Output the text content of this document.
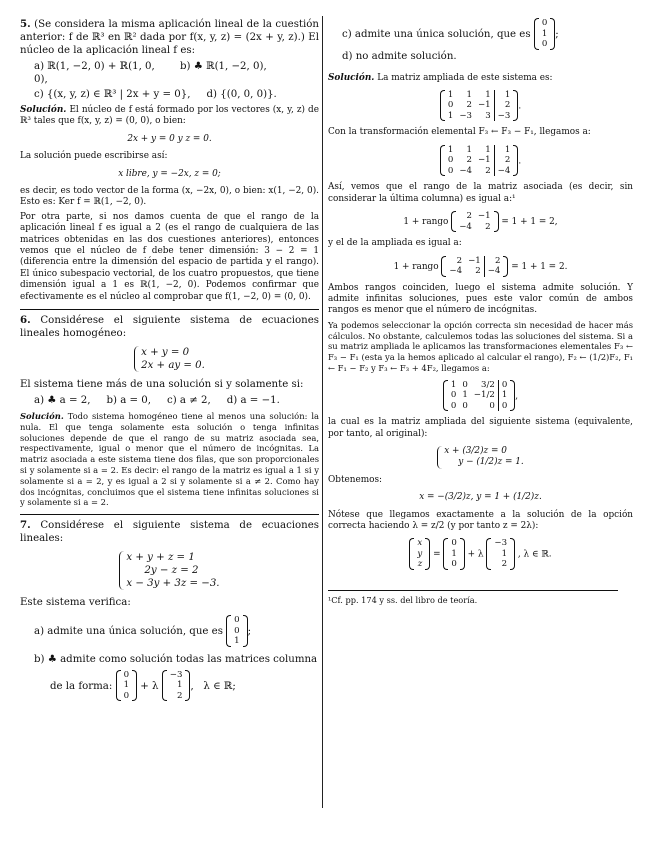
5. (Se considera la misma aplicación lineal de la cuestión anterior: f de ℝ³ en ℝ² dada por f(x, y, z) = (2x + y, z).) El núcleo de la aplicación lineal f es:

a) ℝ(1, −2, 0) + ℝ(1, 0, 0),
b) ♣ ℝ(1, −2, 0),
c) {(x, y, z) ∈ ℝ³ | 2x + y = 0}, d) {(0, 0, 0)}.

Solución. El núcleo de f está formado por los vectores (x, y, z) de ℝ³ tales que f(x, y, z) = (0, 0), o bien:

2x + y = 0 y z = 0.

La solución puede escribirse así:

x libre, y = −2x, z = 0;

es decir, es todo vector de la forma (x, −2x, 0), o bien: x(1, −2, 0). Esto es: Ker f = ℝ(1, −2, 0).

Por otra parte, si nos damos cuenta de que el rango de la aplicación lineal f es igual a 2 (es el rango de cualquiera de las matrices obtenidas en las dos cuestiones anteriores), entonces vemos que el núcleo de f debe tener dimensión: 3 − 2 = 1 (diferencia entre la dimensión del espacio de partida y el rango). El único subespacio vectorial, de los cuatro propuestos, que tiene dimensión igual a 1 es ℝ(1, −2, 0). Podemos confirmar que efectivamente es el núcleo al comprobar que f(1, −2, 0) = (0, 0).

6. Considérese el siguiente sistema de ecuaciones lineales homogéneo:

x + y = 0
2x + ay = 0.

El sistema tiene más de una solución si y solamente si:

a) ♣ a = 2, b) a = 0, c) a ≠ 2, d) a = −1.

Solución. Todo sistema homogéneo tiene al menos una solución: la nula. El que tenga solamente esta solución o tenga infinitas soluciones depende de que el rango de su matriz asociada sea, respectivamente, igual o menor que el número de incógnitas. La matriz asociada a este sistema tiene dos filas, que son proporcionales si y solamente si a = 2. Es decir: el rango de la matriz es igual a 1 si y solamente si a = 2, y es igual a 2 si y solamente si a ≠ 2. Como hay dos incógnitas, concluimos que el sistema tiene infinitas soluciones si y solamente si a = 2.

7. Considérese el siguiente sistema de ecuaciones lineales:

x + y + z = 1
2y − z = 2
x − 3y + 3z = −3.

Este sistema verifica:

a) admite una única solución, que es
0
0
1
;
b) ♣ admite como solución todas las matrices columna
de la forma:
0
1
0
+ λ
−3
1
2
,   λ ∈ ℝ;
c) admite una única solución, que es
0
1
0
;
d) no admite solución.

Solución. La matriz ampliada de este sistema es:

1	1	1	1
0	2	−1	2
1	−3	3	−3
.

Con la transformación elemental F₃ ← F₃ − F₁, llegamos a:

1	1	1	1
0	2	−1	2
0	−4	2	−4
.

Así, vemos que el rango de la matriz asociada (es decir, sin considerar la última columna) es igual a:¹

1 + rango
2	−1
−4	2 = 1 + 1 = 2,

y el de la ampliada es igual a:

1 + rango
2	−1	2
−4	2	−4 = 1 + 1 = 2.

Ambos rangos coinciden, luego el sistema admite solución. Y admite infinitas soluciones, pues este valor común de ambos rangos es menor que el número de incógnitas.

Ya podemos seleccionar la opción correcta sin necesidad de hacer más cálculos. No obstante, calculemos todas las soluciones del sistema. Si a su matriz ampliada le aplicamos las transformaciones elementales F₃ ← F₃ − F₁ (esta ya la hemos aplicado al calcular el rango), F₂ ← (1/2)F₂, F₁ ← F₁ − F₂ y F₃ ← F₃ + 4F₂, llegamos a:

1	0	3/2	0
0	1	−1/2	1
0	0	0	0
,

la cual es la matriz ampliada del siguiente sistema (equivalente, por tanto, al original):

x + (3/2)z = 0
y − (1/2)z = 1.

Obtenemos:

x = −(3/2)z, y = 1 + (1/2)z.

Nótese que llegamos exactamente a la solución de la opción correcta haciendo λ = z/2 (y por tanto z = 2λ):

x
y
z
=
0
1
0
+ λ
−3
1
2
, λ ∈ ℝ.
¹Cf. pp. 174 y ss. del libro de teoría.
